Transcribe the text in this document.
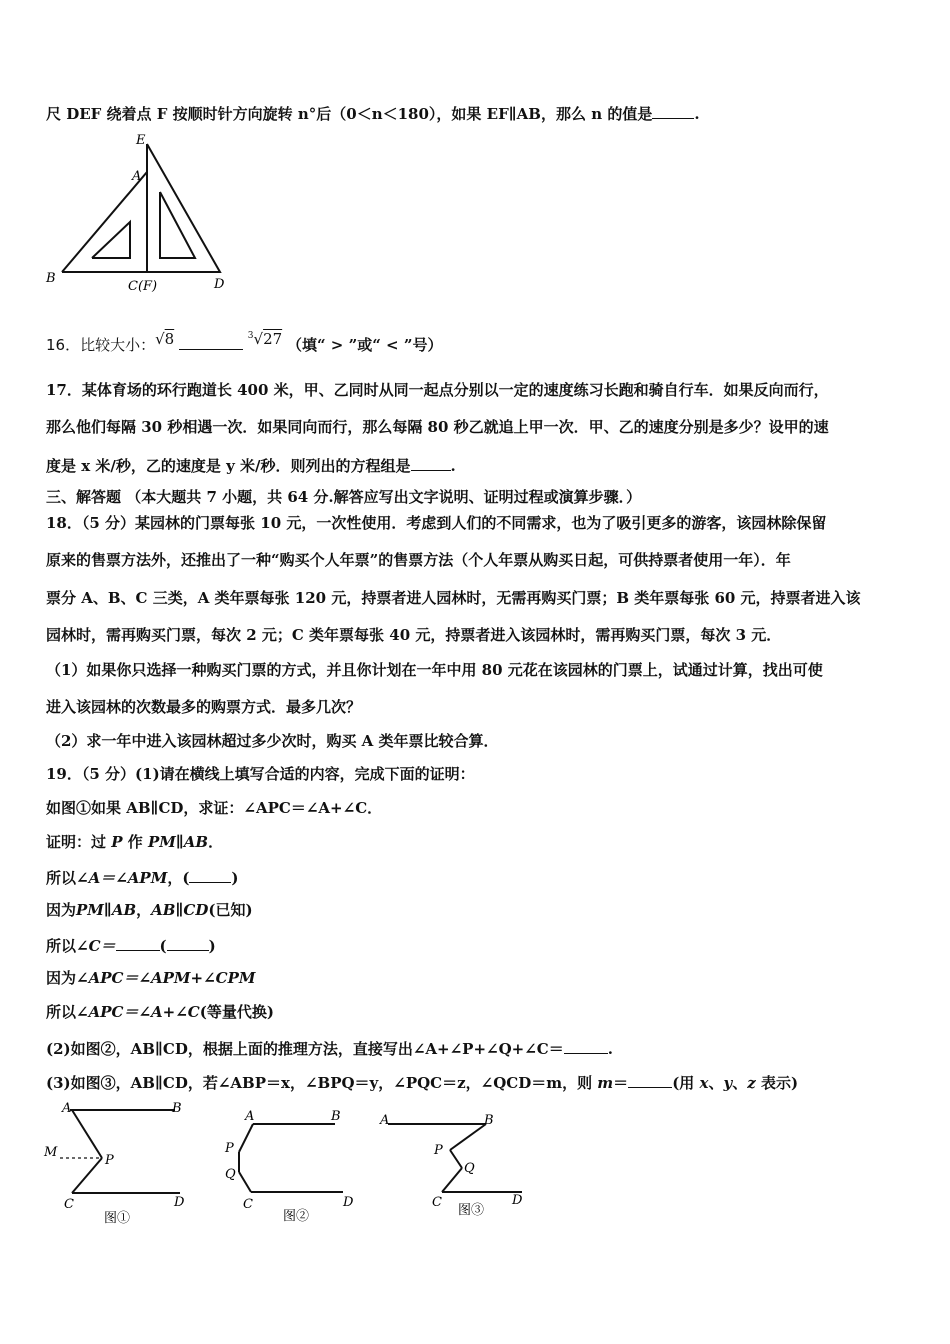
尺 DEF 绕着点 F 按顺时针方向旋转 n°后（0＜n＜180），如果 EF∥AB，那么 n 的值是	.
E
A
B
C(F)	D
16．比较大小：√8	$^3$√27 （填“ > ”或“ < ”号）
17．某体育场的环行跑道长 400 米，甲、乙同时从同一起点分别以一定的速度练习长跑和骑自行车．如果反向而行，
那么他们每隔 30 秒相遇一次．如果同向而行，那么每隔 80 秒乙就追上甲一次．甲、乙的速度分别是多少？设甲的速
度是 x 米/秒，乙的速度是 y 米/秒．则列出的方程组是	.
三、解答题 （本大题共 7 小题，共 64 分.解答应写出文字说明、证明过程或演算步骤．）
18．（5 分）某园林的门票每张 10 元，一次性使用．考虑到人们的不同需求，也为了吸引更多的游客，该园林除保留
原来的售票方法外，还推出了一种“购买个人年票”的售票方法（个人年票从购买日起，可供持票者使用一年）．年
票分 A、B、C 三类，A 类年票每张 120 元，持票者进人园林时，无需再购买门票；B 类年票每张 60 元，持票者进入该
园林时，需再购买门票，每次 2 元；C 类年票每张 40 元，持票者进入该园林时，需再购买门票，每次 3 元．
（1）如果你只选择一种购买门票的方式，并且你计划在一年中用 80 元花在该园林的门票上，试通过计算，找出可使
进入该园林的次数最多的购票方式．最多几次？
（2）求一年中进入该园林超过多少次时，购买 A 类年票比较合算．
19．（5 分）(1)请在横线上填写合适的内容，完成下面的证明：
如图①如果 AB∥CD，求证：∠APC＝∠A+∠C．
证明：过 P 作 PM∥AB．
所以∠A＝∠APM，(	)
因为PM∥AB，AB∥CD(已知)
所以∠C＝	(	)
因为∠APC＝∠APM+∠CPM
所以∠APC＝∠A+∠C(等量代换)
(2)如图②，AB∥CD，根据上面的推理方法，直接写出∠A+∠P+∠Q+∠C＝	.
(3)如图③，AB∥CD，若∠ABP＝x，∠BPQ＝y，∠PQC＝z，∠QCD＝m，则 m＝	(用 x、y、z 表示)
A	B
M
P
C	D
图①
A	B
P
Q
C	D
图②
A	B
P
Q
C	D
图③
